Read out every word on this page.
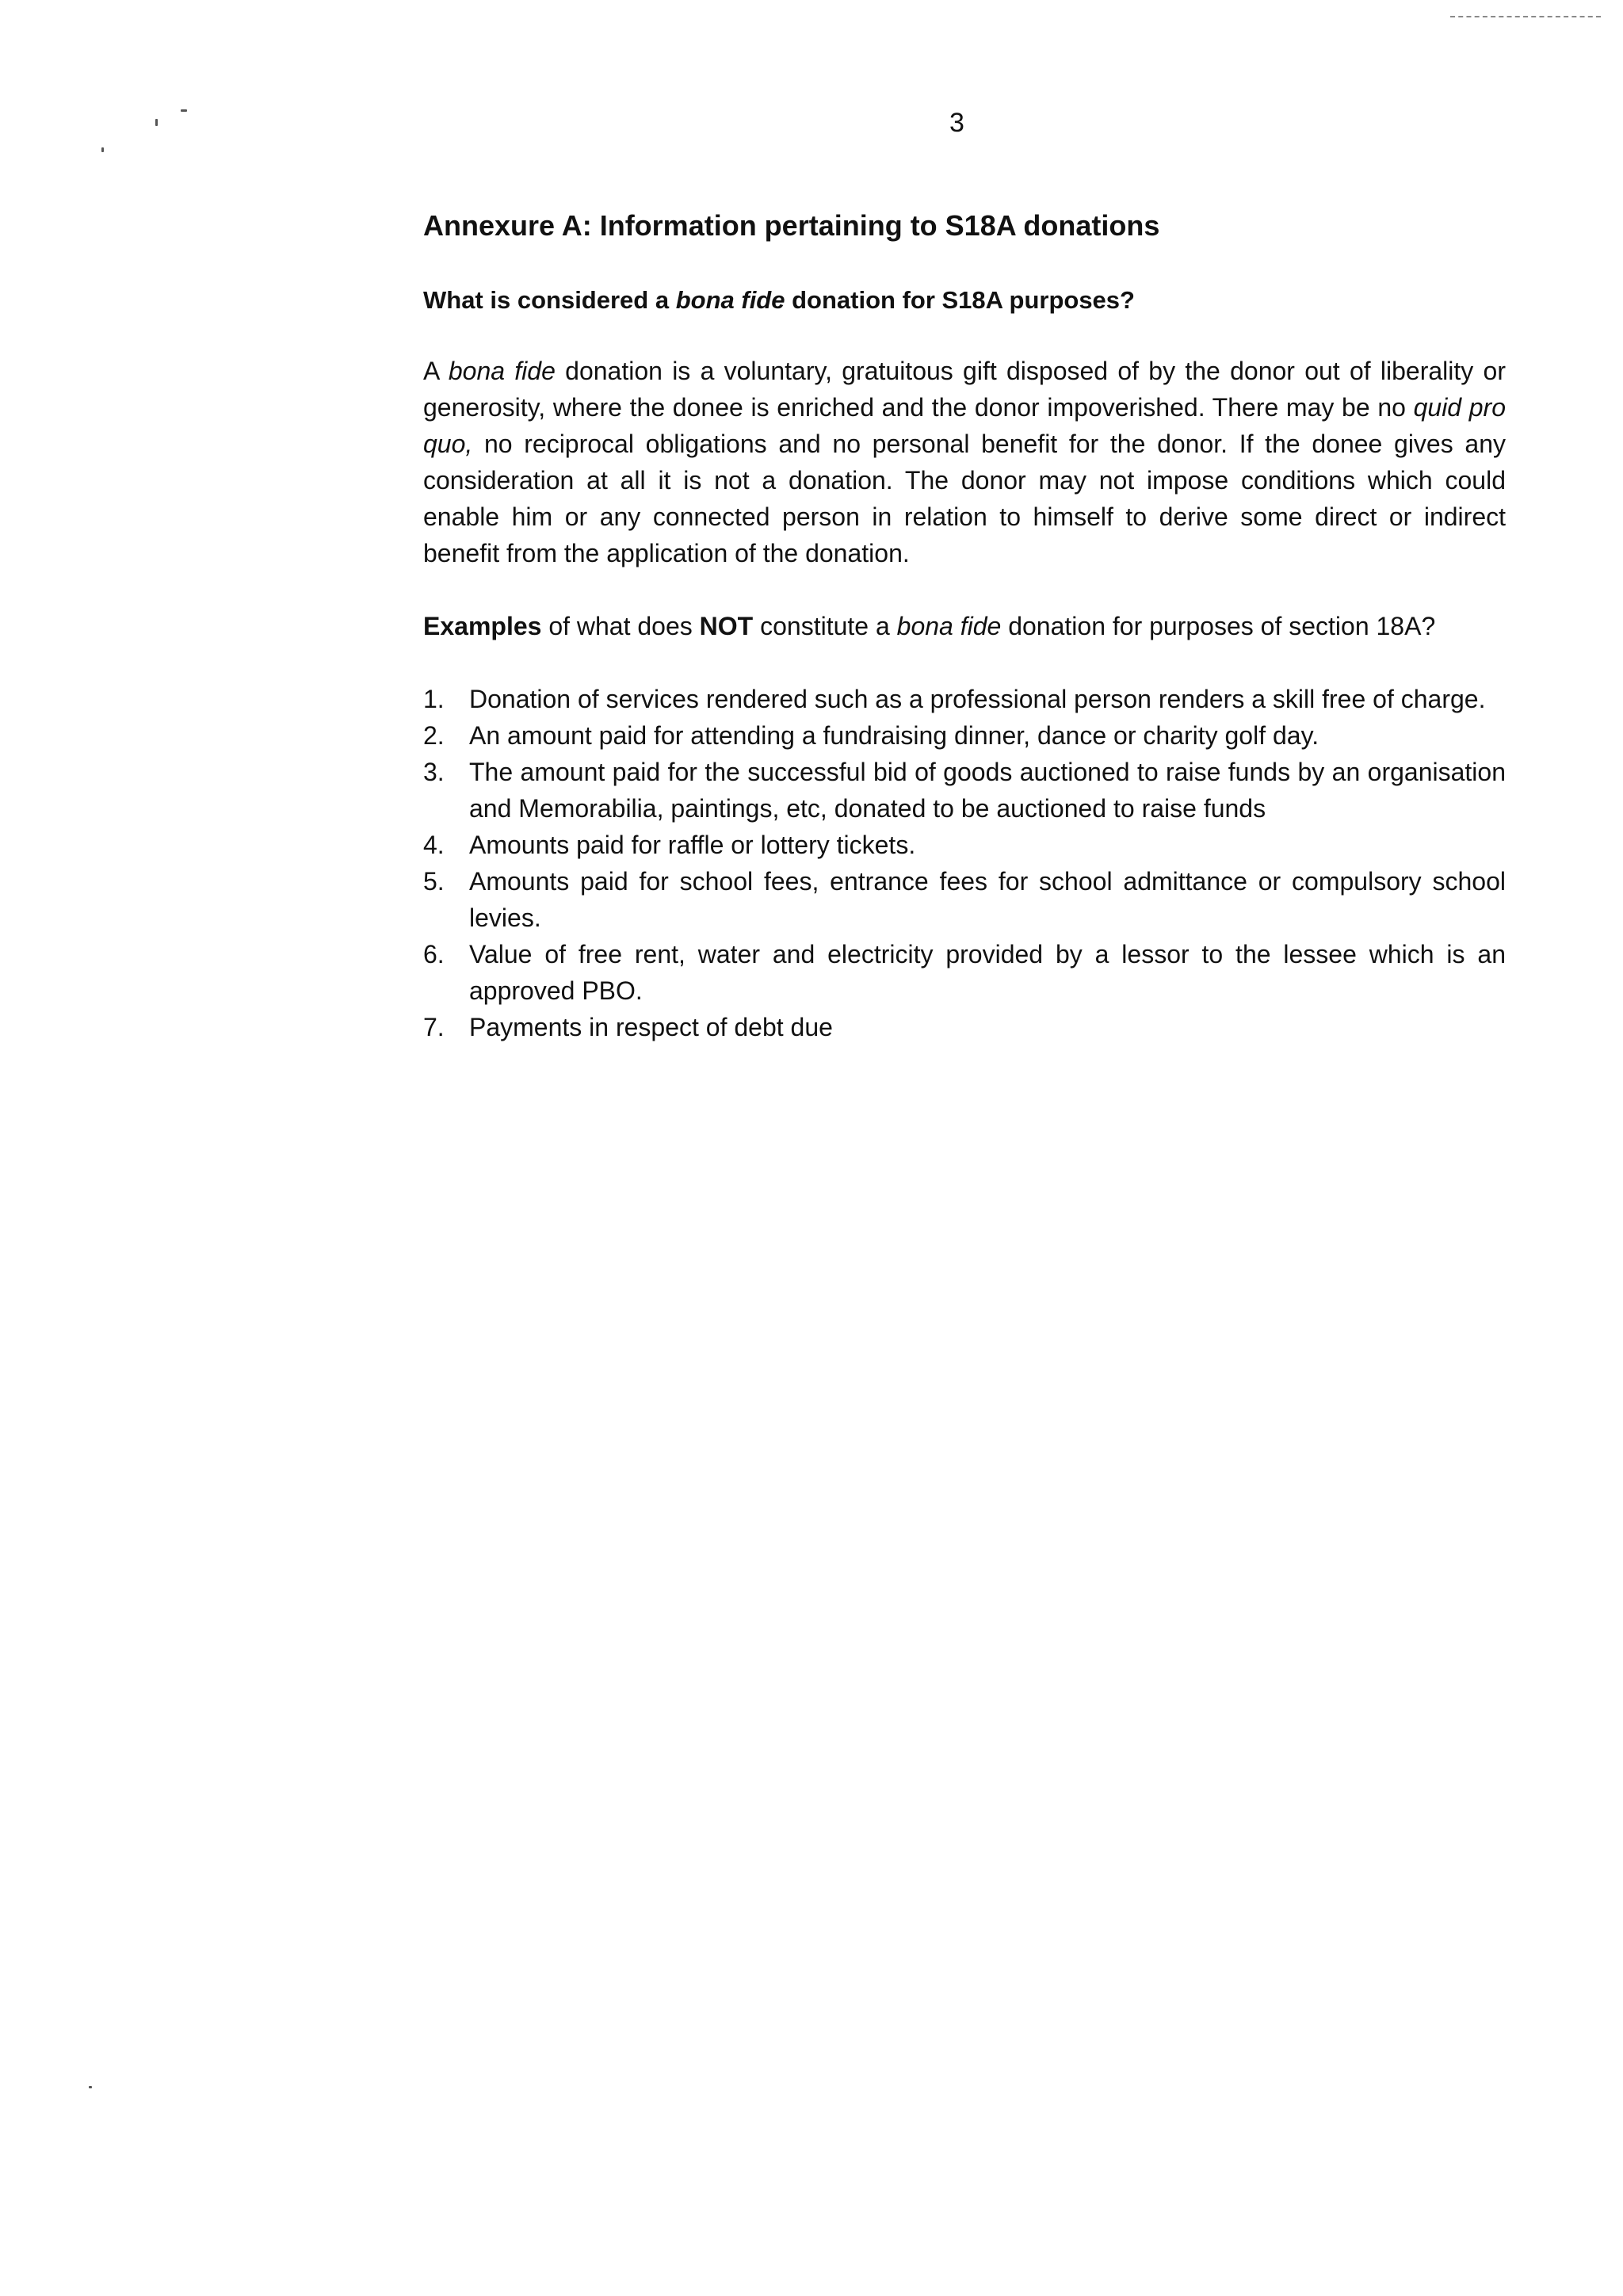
3
Annexure A: Information pertaining to S18A donations
What is considered a bona fide donation for S18A purposes?

A bona fide donation is a voluntary, gratuitous gift disposed of by the donor out of liberality or generosity, where the donee is enriched and the donor impoverished. There may be no quid pro quo, no reciprocal obligations and no personal benefit for the donor. If the donee gives any consideration at all it is not a donation. The donor may not impose conditions which could enable him or any connected person in relation to himself to derive some direct or indirect benefit from the application of the donation.

Examples of what does NOT constitute a bona fide donation for purposes of section 18A?

1. Donation of services rendered such as a professional person renders a skill free of charge.
2. An amount paid for attending a fundraising dinner, dance or charity golf day.
3. The amount paid for the successful bid of goods auctioned to raise funds by an organisation and Memorabilia, paintings, etc, donated to be auctioned to raise funds
4. Amounts paid for raffle or lottery tickets.
5. Amounts paid for school fees, entrance fees for school admittance or compulsory school levies.
6. Value of free rent, water and electricity provided by a lessor to the lessee which is an approved PBO.
7. Payments in respect of debt due
